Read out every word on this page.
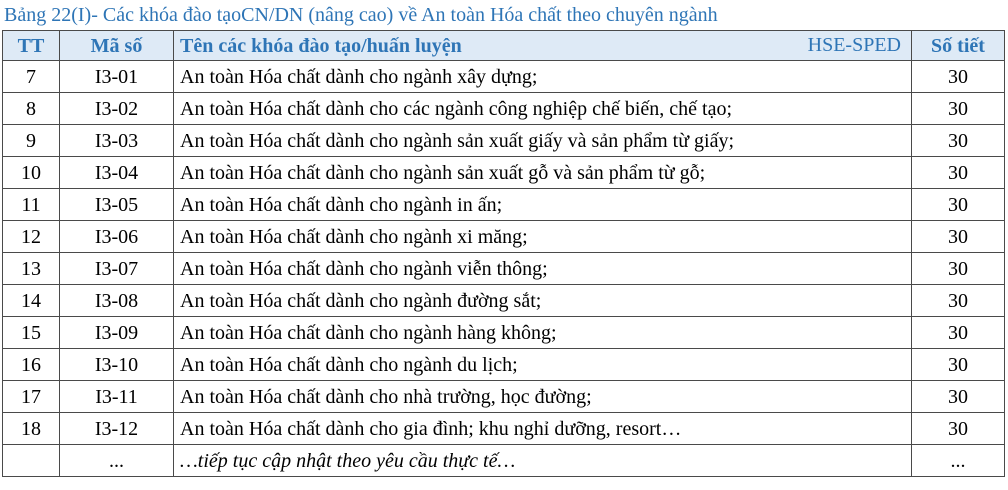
Bảng 22(I)- Các khóa đào tạoCN/DN (nâng cao) về An toàn Hóa chất theo chuyên ngành
TT	Mã số	Tên các khóa đào tạo/huấn luyện HSE-SPED	Số tiết
7	I3-01	An toàn Hóa chất dành cho ngành xây dựng;	30
8	I3-02	An toàn Hóa chất dành cho các ngành công nghiệp chế biến, chế tạo;	30
9	I3-03	An toàn Hóa chất dành cho ngành sản xuất giấy và sản phẩm từ giấy;	30
10	I3-04	An toàn Hóa chất dành cho ngành sản xuất gỗ và sản phẩm từ gỗ;	30
11	I3-05	An toàn Hóa chất dành cho ngành in ấn;	30
12	I3-06	An toàn Hóa chất dành cho ngành xi măng;	30
13	I3-07	An toàn Hóa chất dành cho ngành viễn thông;	30
14	I3-08	An toàn Hóa chất dành cho ngành đường sắt;	30
15	I3-09	An toàn Hóa chất dành cho ngành hàng không;	30
16	I3-10	An toàn Hóa chất dành cho ngành du lịch;	30
17	I3-11	An toàn Hóa chất dành cho nhà trường, học đường;	30
18	I3-12	An toàn Hóa chất dành cho gia đình; khu nghỉ dưỡng, resort…	30
	...	…tiếp tục cập nhật theo yêu cầu thực tế…	...
